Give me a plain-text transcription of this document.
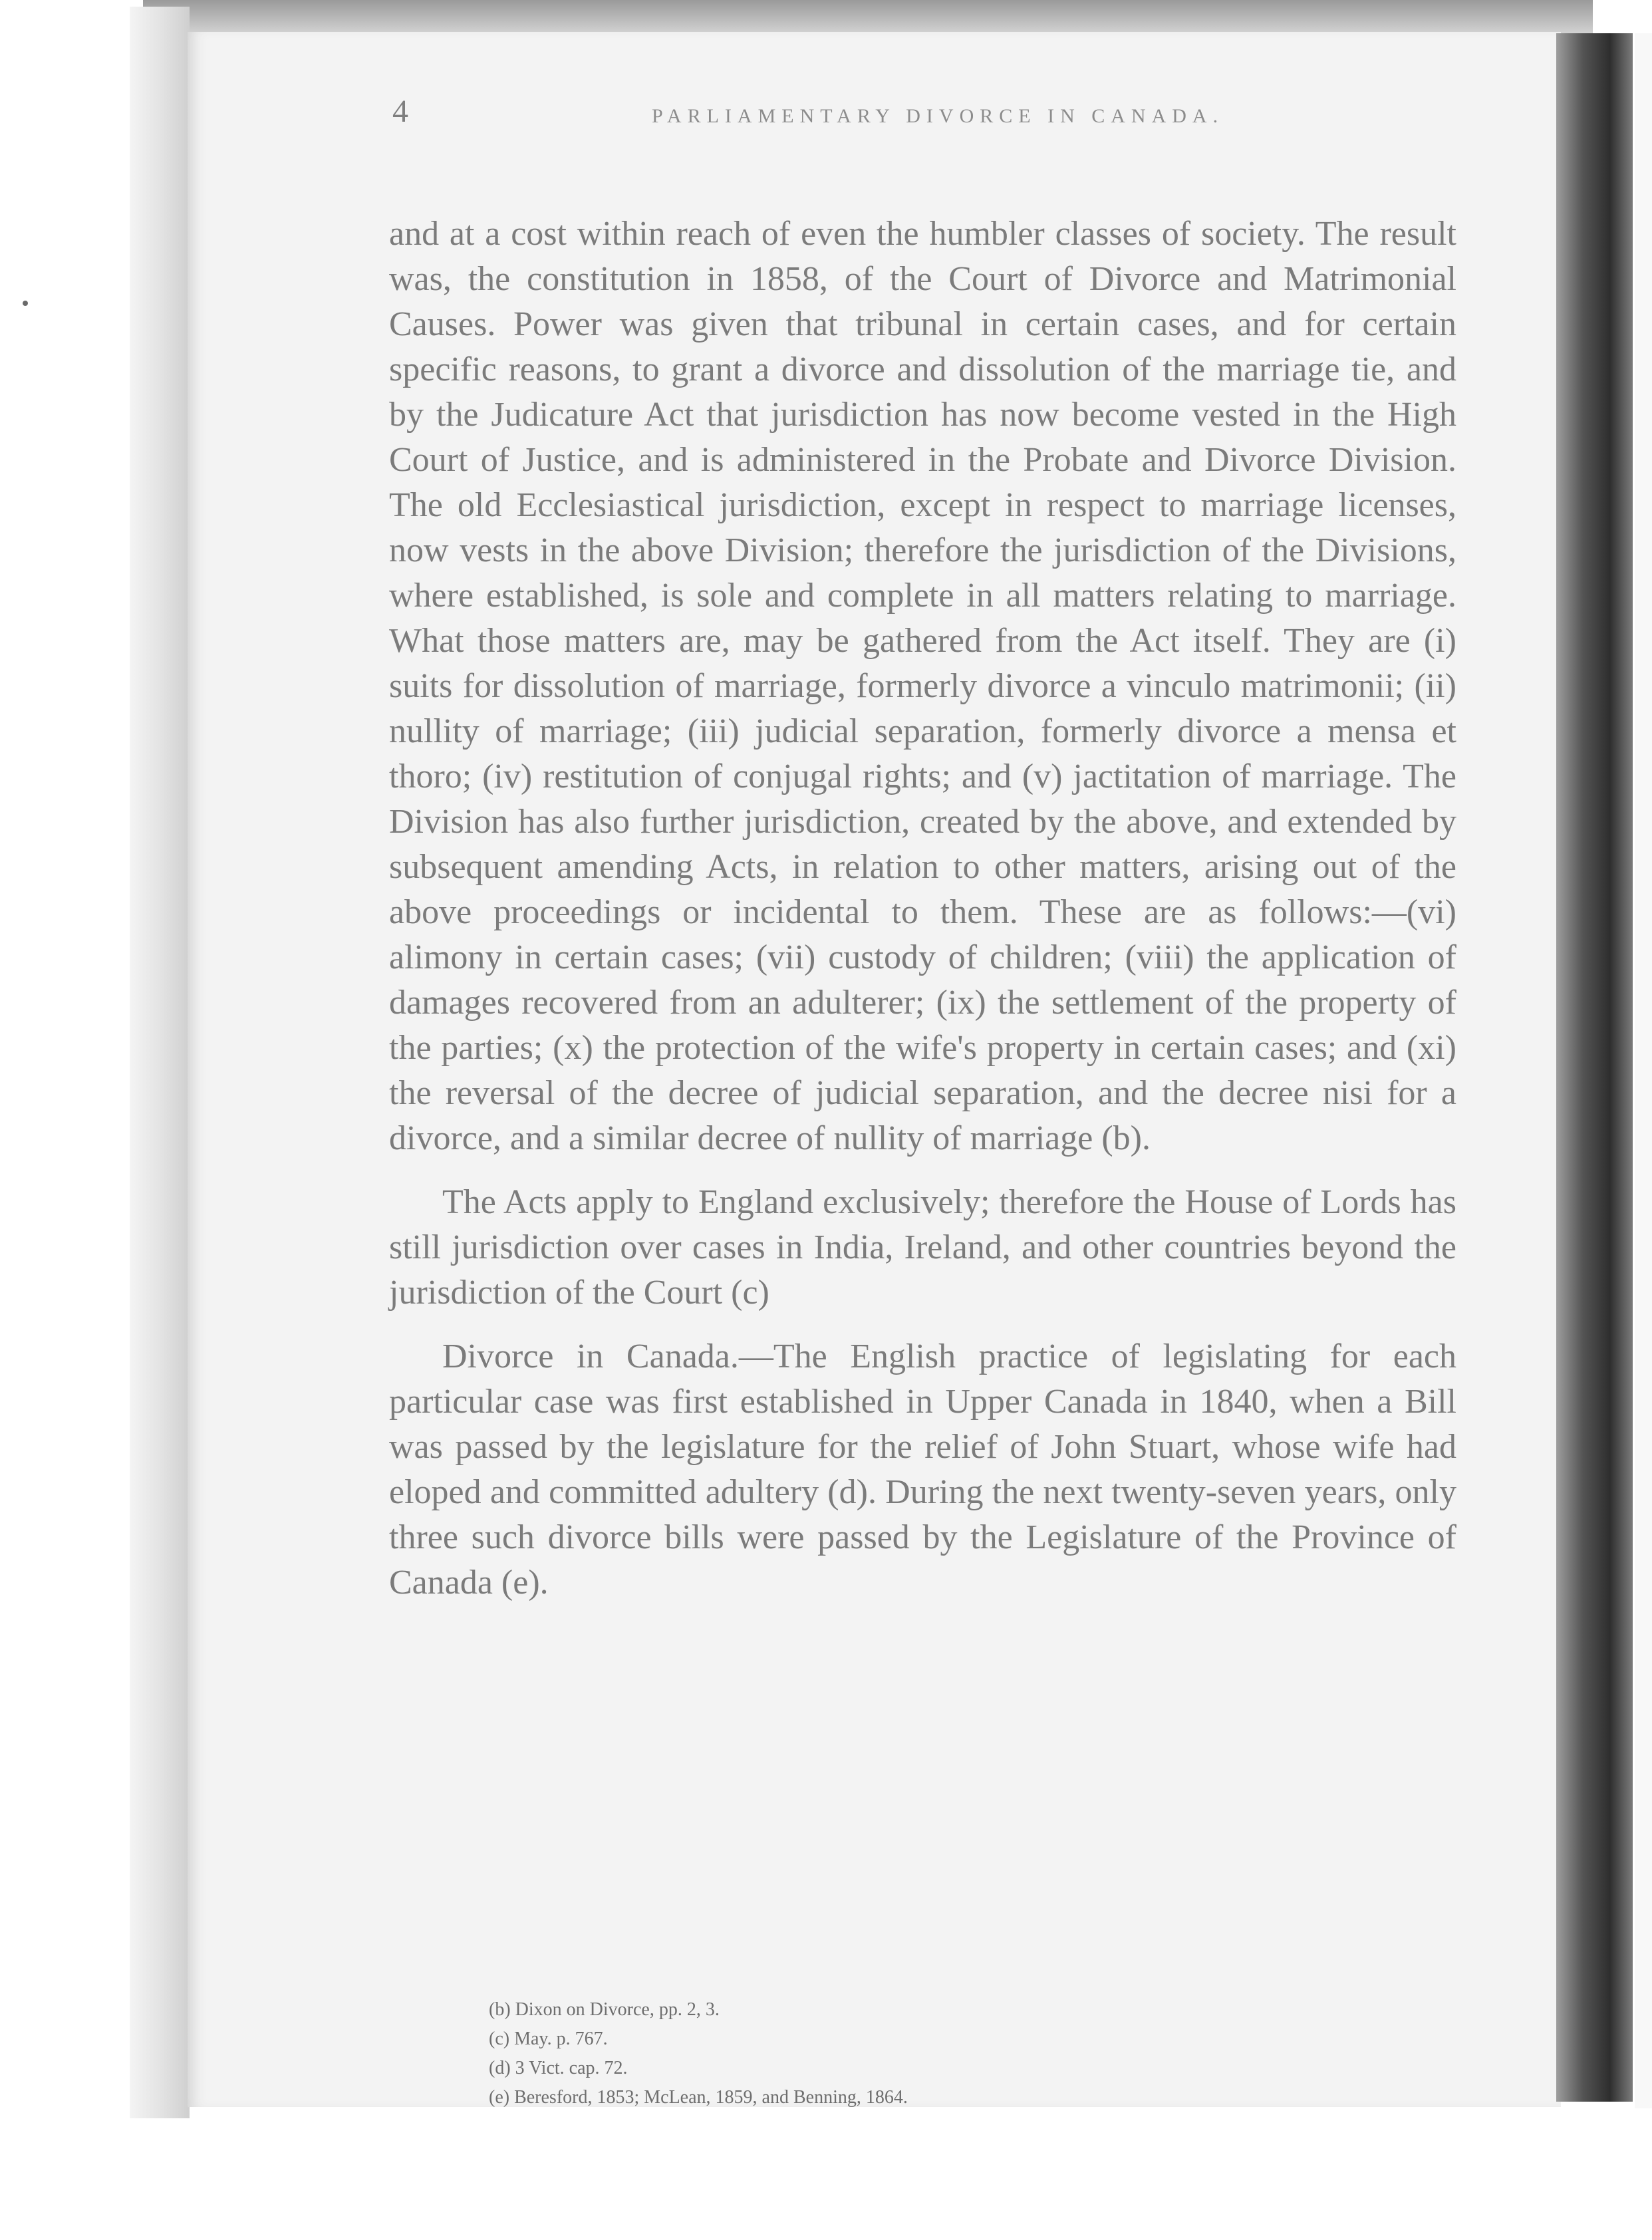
4	PARLIAMENTARY DIVORCE IN CANADA.

and at a cost within reach of even the humbler classes of society. The result was, the constitution in 1858, of the Court of Divorce and Matrimonial Causes. Power was given that tribunal in certain cases, and for certain specific reasons, to grant a divorce and dissolution of the marriage tie, and by the Judicature Act that jurisdiction has now become vested in the High Court of Justice, and is administered in the Probate and Divorce Division. The old Ecclesiastical jurisdiction, except in respect to marriage licenses, now vests in the above Division; therefore the jurisdiction of the Divisions, where established, is sole and complete in all matters relating to marriage. What those matters are, may be gathered from the Act itself. They are (i) suits for dissolution of marriage, formerly divorce a vinculo matrimonii; (ii) nullity of marriage; (iii) judicial separation, formerly divorce a mensa et thoro; (iv) restitution of conjugal rights; and (v) jactitation of marriage. The Division has also further jurisdiction, created by the above, and extended by subsequent amending Acts, in relation to other matters, arising out of the above proceedings or incidental to them. These are as follows:—(vi) alimony in certain cases; (vii) custody of children; (viii) the application of damages recovered from an adulterer; (ix) the settlement of the property of the parties; (x) the protection of the wife's property in certain cases; and (xi) the reversal of the decree of judicial separation, and the decree nisi for a divorce, and a similar decree of nullity of marriage (b).

The Acts apply to England exclusively; therefore the House of Lords has still jurisdiction over cases in India, Ireland, and other countries beyond the jurisdiction of the Court (c)

Divorce in Canada.—The English practice of legislating for each particular case was first established in Upper Canada in 1840, when a Bill was passed by the legislature for the relief of John Stuart, whose wife had eloped and committed adultery (d). During the next twenty-seven years, only three such divorce bills were passed by the Legislature of the Province of Canada (e).

(b) Dixon on Divorce, pp. 2, 3.
(c) May. p. 767.
(d) 3 Vict. cap. 72.
(e) Beresford, 1853; McLean, 1859, and Benning, 1864.
